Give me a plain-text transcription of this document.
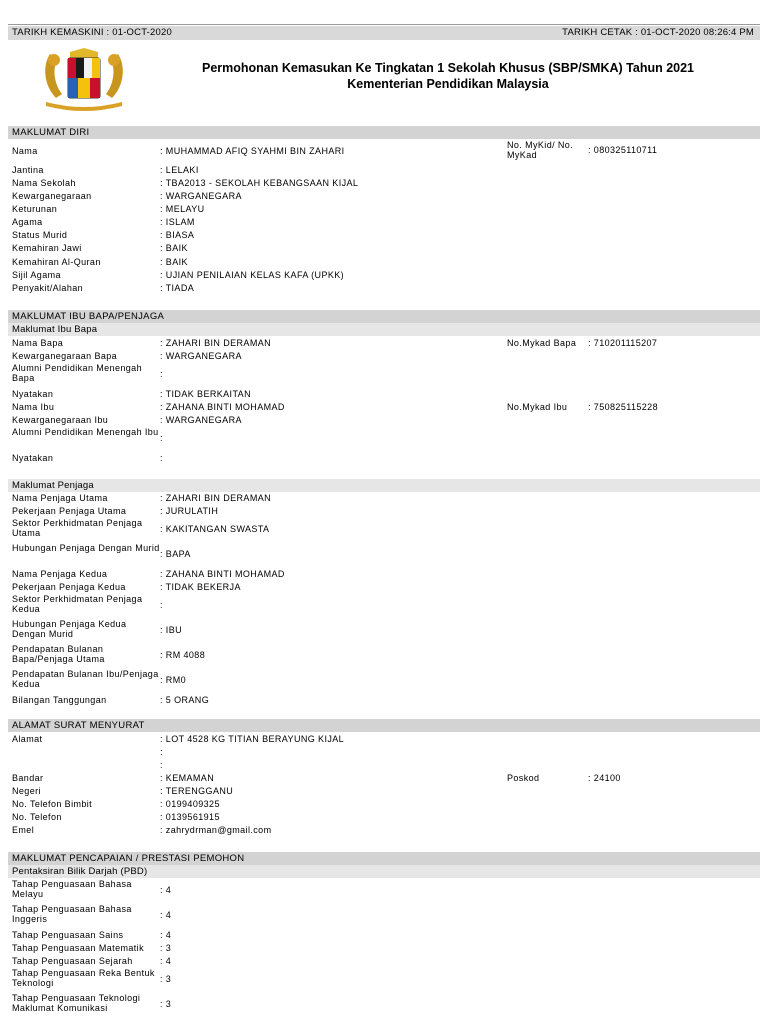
TARIKH KEMASKINI : 01-OCT-2020	TARIKH CETAK : 01-OCT-2020 08:26:4 PM
Permohonan Kemasukan Ke Tingkatan 1 Sekolah Khusus (SBP/SMKA) Tahun 2021
Kementerian Pendidikan Malaysia
MAKLUMAT DIRI
Nama	: MUHAMMAD AFIQ SYAHMI BIN ZAHARI
No. MyKid/ No. MyKad	: 080325110711
Jantina	: LELAKI
Nama Sekolah	: TBA2013 - SEKOLAH KEBANGSAAN KIJAL
Kewarganegaraan	: WARGANEGARA
Keturunan	: MELAYU
Agama	: ISLAM
Status Murid	: BIASA
Kemahiran Jawi	: BAIK
Kemahiran Al-Quran	: BAIK
Sijil Agama	: UJIAN PENILAIAN KELAS KAFA (UPKK)
Penyakit/Alahan	: TIADA
MAKLUMAT IBU BAPA/PENJAGA
Maklumat Ibu Bapa
Nama Bapa	: ZAHARI BIN DERAMAN	No.Mykad Bapa	: 710201115207
Kewarganegaraan Bapa	: WARGANEGARA
Alumni Pendidikan Menengah Bapa	:
Nyatakan	: TIDAK BERKAITAN
Nama Ibu	: ZAHANA BINTI MOHAMAD	No.Mykad Ibu	: 750825115228
Kewarganegaraan Ibu	: WARGANEGARA
Alumni Pendidikan Menengah Ibu
:
Nyatakan	:
Maklumat Penjaga
Nama Penjaga Utama	: ZAHARI BIN DERAMAN
Pekerjaan Penjaga Utama	: JURULATIH
Sektor Perkhidmatan Penjaga Utama	: KAKITANGAN SWASTA
Hubungan Penjaga Dengan Murid
: BAPA
Nama Penjaga Kedua	: ZAHANA BINTI MOHAMAD
Pekerjaan Penjaga Kedua	: TIDAK BEKERJA
Sektor Perkhidmatan Penjaga Kedua	:
Hubungan Penjaga Kedua Dengan Murid	: IBU
Pendapatan Bulanan Bapa/Penjaga Utama	: RM 4088
Pendapatan Bulanan Ibu/Penjaga Kedua	: RM0
Bilangan Tanggungan	: 5 ORANG
ALAMAT SURAT MENYURAT
Alamat	: LOT 4528 KG TITIAN BERAYUNG KIJAL
:
:
Bandar	: KEMAMAN	Poskod	: 24100
Negeri	: TERENGGANU
No. Telefon Bimbit	: 0199409325
No. Telefon	: 0139561915
Emel	: zahrydrman@gmail.com
MAKLUMAT PENCAPAIAN / PRESTASI PEMOHON
Pentaksiran Bilik Darjah (PBD)
Tahap Penguasaan Bahasa Melayu	: 4
Tahap Penguasaan Bahasa Inggeris	: 4
Tahap Penguasaan Sains	: 4
Tahap Penguasaan Matematik	: 3
Tahap Penguasaan Sejarah	: 4
Tahap Penguasaan Reka Bentuk Teknologi	: 3
Tahap Penguasaan Teknologi Maklumat Komunikasi	: 3
